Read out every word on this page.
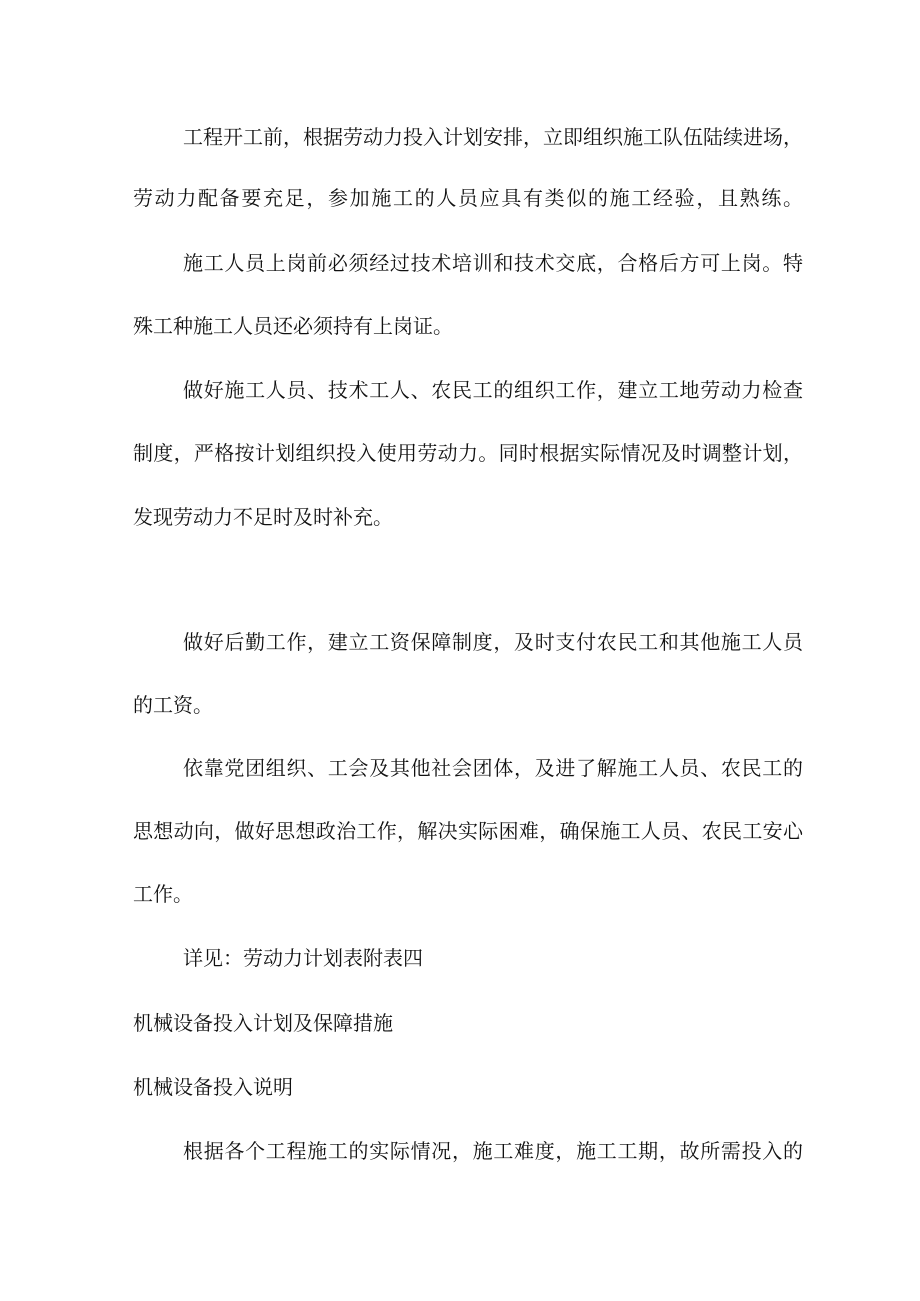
工程开工前，根据劳动力投入计划安排，立即组织施工队伍陆续进场，
劳动力配备要充足，参加施工的人员应具有类似的施工经验，且熟练。
施工人员上岗前必须经过技术培训和技术交底，合格后方可上岗。特
殊工种施工人员还必须持有上岗证。
做好施工人员、技术工人、农民工的组织工作，建立工地劳动力检查
制度，严格按计划组织投入使用劳动力。同时根据实际情况及时调整计划，
发现劳动力不足时及时补充。
做好后勤工作，建立工资保障制度，及时支付农民工和其他施工人员
的工资。
依靠党团组织、工会及其他社会团体，及进了解施工人员、农民工的
思想动向，做好思想政治工作，解决实际困难，确保施工人员、农民工安心
工作。
详见：劳动力计划表附表四
机械设备投入计划及保障措施
机械设备投入说明
根据各个工程施工的实际情况，施工难度，施工工期，故所需投入的
